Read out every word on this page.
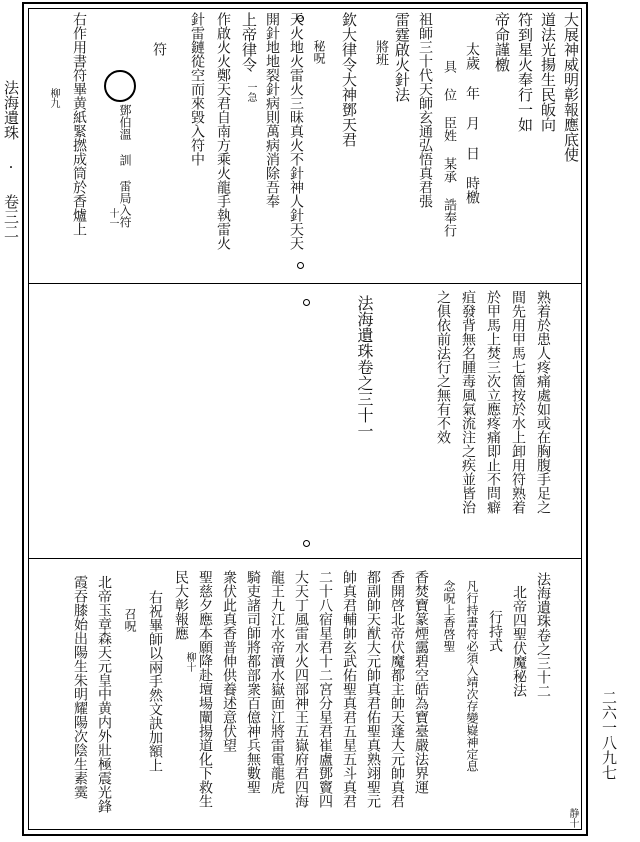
法海遺珠 · 卷三二
二六一八九七
大展神威明彰報應底使
道法光揚生民皈向
符到星火奉行一如
帝命謹檄
太歲 年 月 日 時檄
具 位 臣姓 某承 誥奉行
祖師三十代天師玄通弘悟真君張
雷霆啟火針法
將班
欽大律令大神鄧天君
秘呪
天火地火雷火三昧真火不針神人針天天
開針地地裂針病則萬病消除吾奉
上帝律令
一急
作啟火火鄭天君自南方乘火龍手執雷火
針雷鏈從空而來毀入符中
符
鄧伯溫 訓 雷局入符
右作用書符畢黄紙緊撚成筒於香爐上 十一
柳九
熟着於患人疼痛處如或在胸腹手足之
間先用甲馬七箇按於水上卸用符熟着
於甲馬上焚三次立應疼痛即止不問癖
疽發背無名腫毒風氣流注之疾並皆治
之俱依前法行之無有不效
法海遺珠卷之三十一
法海遺珠卷之三十二
静十
北帝四聖伏魔秘法
行持式
凡行持書符必須入靖次存變嶷神定息
念呪上香啓聖
香焚寶篆煙靄碧空皓為寶臺嚴法界運
香開啓北帝伏魔都主帥天蓬大元帥真君
都副帥天猷大元帥真君佑聖真熟翊聖元
帥真君輔帥玄武佑聖真君五星五斗真君
二十八宿星君十二宮分星君崔盧鄧竇四
大天丁風雷水火四部神王五嶽府君四海
龍王九江水帝瀆水嶽面江將雷電龍虎
騎吏諸司師將都部衆百億神兵無數聖
衆伏此真香普伸供養述意伏望
聖慈夕應本願降赴壇場闡揚道化下救生
民大彰報應
柳十
右祝畢師以兩手然文訣加額上
召呪
北帝玉章森天元皇中黄内外壯極震光鋒
霞吞膝始出陽生朱明耀陽次陰生素霙
